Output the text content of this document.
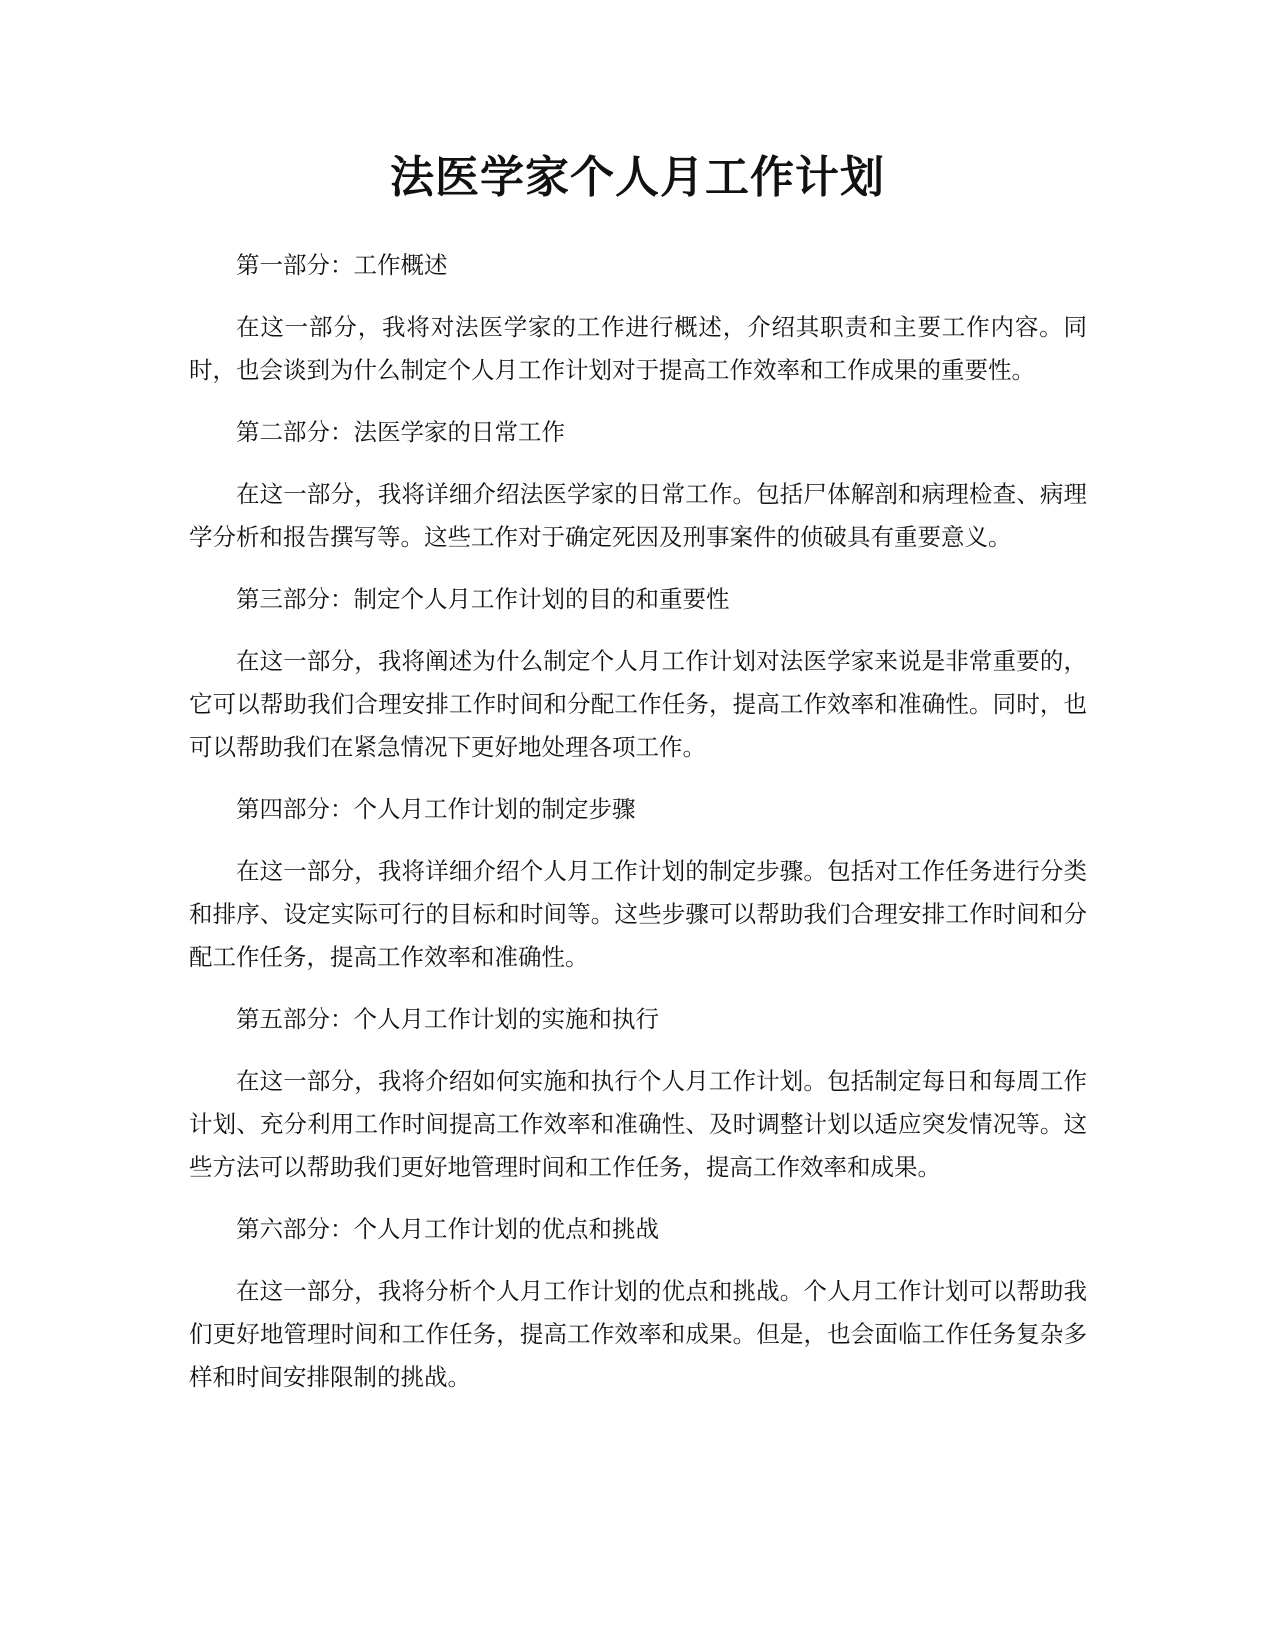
法医学家个人月工作计划

第一部分：工作概述

在这一部分，我将对法医学家的工作进行概述，介绍其职责和主要工作内容。同时，也会谈到为什么制定个人月工作计划对于提高工作效率和工作成果的重要性。

第二部分：法医学家的日常工作

在这一部分，我将详细介绍法医学家的日常工作。包括尸体解剖和病理检查、病理学分析和报告撰写等。这些工作对于确定死因及刑事案件的侦破具有重要意义。

第三部分：制定个人月工作计划的目的和重要性

在这一部分，我将阐述为什么制定个人月工作计划对法医学家来说是非常重要的，它可以帮助我们合理安排工作时间和分配工作任务，提高工作效率和准确性。同时，也可以帮助我们在紧急情况下更好地处理各项工作。

第四部分：个人月工作计划的制定步骤

在这一部分，我将详细介绍个人月工作计划的制定步骤。包括对工作任务进行分类和排序、设定实际可行的目标和时间等。这些步骤可以帮助我们合理安排工作时间和分配工作任务，提高工作效率和准确性。

第五部分：个人月工作计划的实施和执行

在这一部分，我将介绍如何实施和执行个人月工作计划。包括制定每日和每周工作计划、充分利用工作时间提高工作效率和准确性、及时调整计划以适应突发情况等。这些方法可以帮助我们更好地管理时间和工作任务，提高工作效率和成果。

第六部分：个人月工作计划的优点和挑战

在这一部分，我将分析个人月工作计划的优点和挑战。个人月工作计划可以帮助我们更好地管理时间和工作任务，提高工作效率和成果。但是，也会面临工作任务复杂多样和时间安排限制的挑战。
